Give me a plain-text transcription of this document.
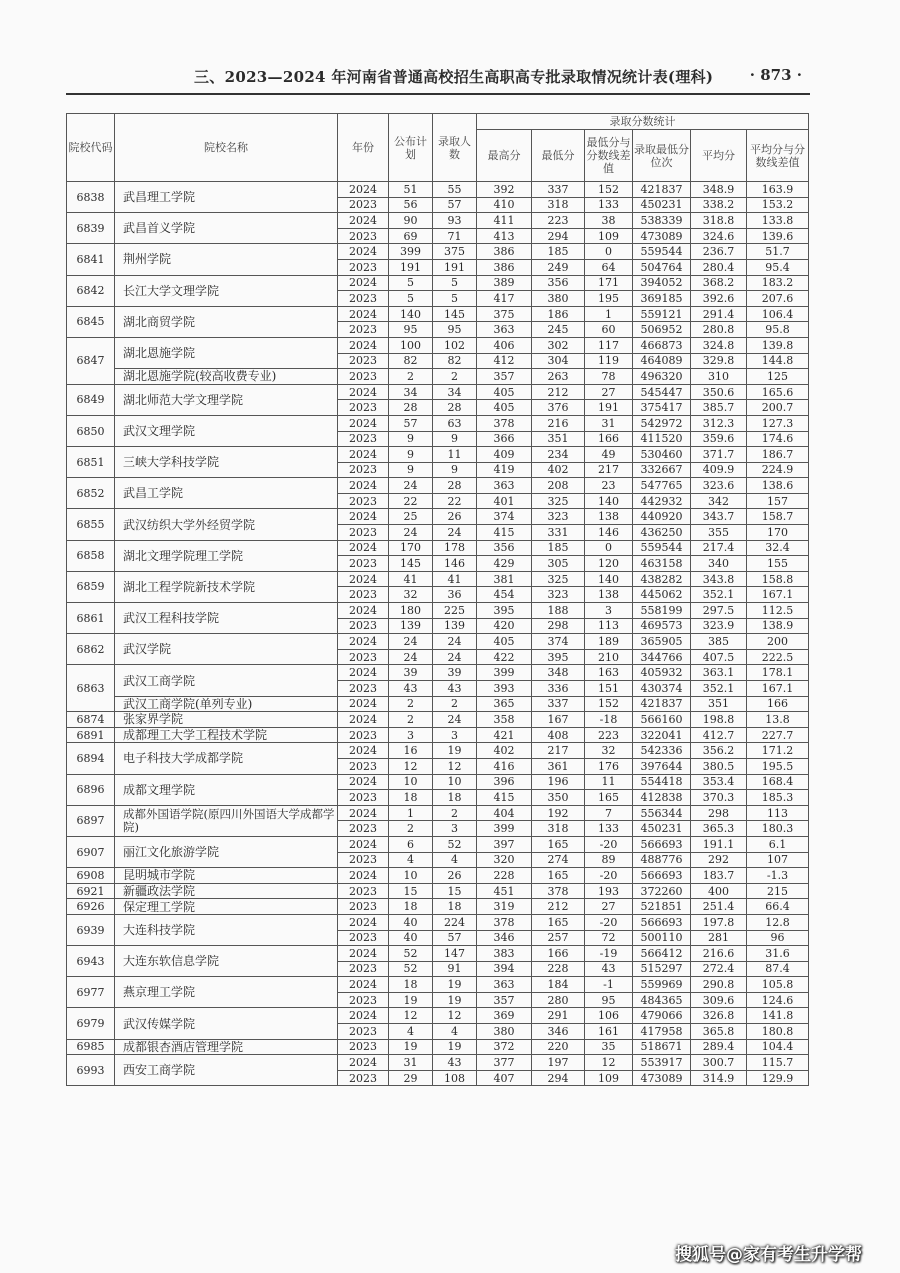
三、2023—2024 年河南省普通高校招生高职高专批录取情况统计表(理科) · 873 ·
院校代码	院校名称	年份	公布计划	录取人数	录取分数统计					
					最高分	最低分	最低分与分数线差值	录取最低分位次	平均分	平均分与分数线差值
6838	武昌理工学院	2024	51	55	392	337	152	421837	348.9	163.9
		2023	56	57	410	318	133	450231	338.2	153.2
6839	武昌首义学院	2024	90	93	411	223	38	538339	318.8	133.8
		2023	69	71	413	294	109	473089	324.6	139.6
6841	荆州学院	2024	399	375	386	185	0	559544	236.7	51.7
		2023	191	191	386	249	64	504764	280.4	95.4
6842	长江大学文理学院	2024	5	5	389	356	171	394052	368.2	183.2
		2023	5	5	417	380	195	369185	392.6	207.6
6845	湖北商贸学院	2024	140	145	375	186	1	559121	291.4	106.4
		2023	95	95	363	245	60	506952	280.8	95.8
6847	湖北恩施学院	2024	100	102	406	302	117	466873	324.8	139.8
		2023	82	82	412	304	119	464089	329.8	144.8
	湖北恩施学院(较高收费专业)	2023	2	2	357	263	78	496320	310	125
6849	湖北师范大学文理学院	2024	34	34	405	212	27	545447	350.6	165.6
		2023	28	28	405	376	191	375417	385.7	200.7
6850	武汉文理学院	2024	57	63	378	216	31	542972	312.3	127.3
		2023	9	9	366	351	166	411520	359.6	174.6
6851	三峡大学科技学院	2024	9	11	409	234	49	530460	371.7	186.7
		2023	9	9	419	402	217	332667	409.9	224.9
6852	武昌工学院	2024	24	28	363	208	23	547765	323.6	138.6
		2023	22	22	401	325	140	442932	342	157
6855	武汉纺织大学外经贸学院	2024	25	26	374	323	138	440920	343.7	158.7
		2023	24	24	415	331	146	436250	355	170
6858	湖北文理学院理工学院	2024	170	178	356	185	0	559544	217.4	32.4
		2023	145	146	429	305	120	463158	340	155
6859	湖北工程学院新技术学院	2024	41	41	381	325	140	438282	343.8	158.8
		2023	32	36	454	323	138	445062	352.1	167.1
6861	武汉工程科技学院	2024	180	225	395	188	3	558199	297.5	112.5
		2023	139	139	420	298	113	469573	323.9	138.9
6862	武汉学院	2024	24	24	405	374	189	365905	385	200
		2023	24	24	422	395	210	344766	407.5	222.5
6863	武汉工商学院	2024	39	39	399	348	163	405932	363.1	178.1
		2023	43	43	393	336	151	430374	352.1	167.1
	武汉工商学院(单列专业)	2024	2	2	365	337	152	421837	351	166
6874	张家界学院	2024	2	24	358	167	-18	566160	198.8	13.8
6891	成都理工大学工程技术学院	2023	3	3	421	408	223	322041	412.7	227.7
6894	电子科技大学成都学院	2024	16	19	402	217	32	542336	356.2	171.2
		2023	12	12	416	361	176	397644	380.5	195.5
6896	成都文理学院	2024	10	10	396	196	11	554418	353.4	168.4
		2023	18	18	415	350	165	412838	370.3	185.3
6897	成都外国语学院(原四川外国语大学成都学院)	2024	1	2	404	192	7	556344	298	113
		2023	2	3	399	318	133	450231	365.3	180.3
6907	丽江文化旅游学院	2024	6	52	397	165	-20	566693	191.1	6.1
		2023	4	4	320	274	89	488776	292	107
6908	昆明城市学院	2024	10	26	228	165	-20	566693	183.7	-1.3
6921	新疆政法学院	2023	15	15	451	378	193	372260	400	215
6926	保定理工学院	2023	18	18	319	212	27	521851	251.4	66.4
6939	大连科技学院	2024	40	224	378	165	-20	566693	197.8	12.8
		2023	40	57	346	257	72	500110	281	96
6943	大连东软信息学院	2024	52	147	383	166	-19	566412	216.6	31.6
		2023	52	91	394	228	43	515297	272.4	87.4
6977	燕京理工学院	2024	18	19	363	184	-1	559969	290.8	105.8
		2023	19	19	357	280	95	484365	309.6	124.6
6979	武汉传媒学院	2024	12	12	369	291	106	479066	326.8	141.8
		2023	4	4	380	346	161	417958	365.8	180.8
6985	成都银杏酒店管理学院	2023	19	19	372	220	35	518671	289.4	104.4
6993	西安工商学院	2024	31	43	377	197	12	553917	300.7	115.7
		2023	29	108	407	294	109	473089	314.9	129.9
搜狐号@家有考生升学帮
